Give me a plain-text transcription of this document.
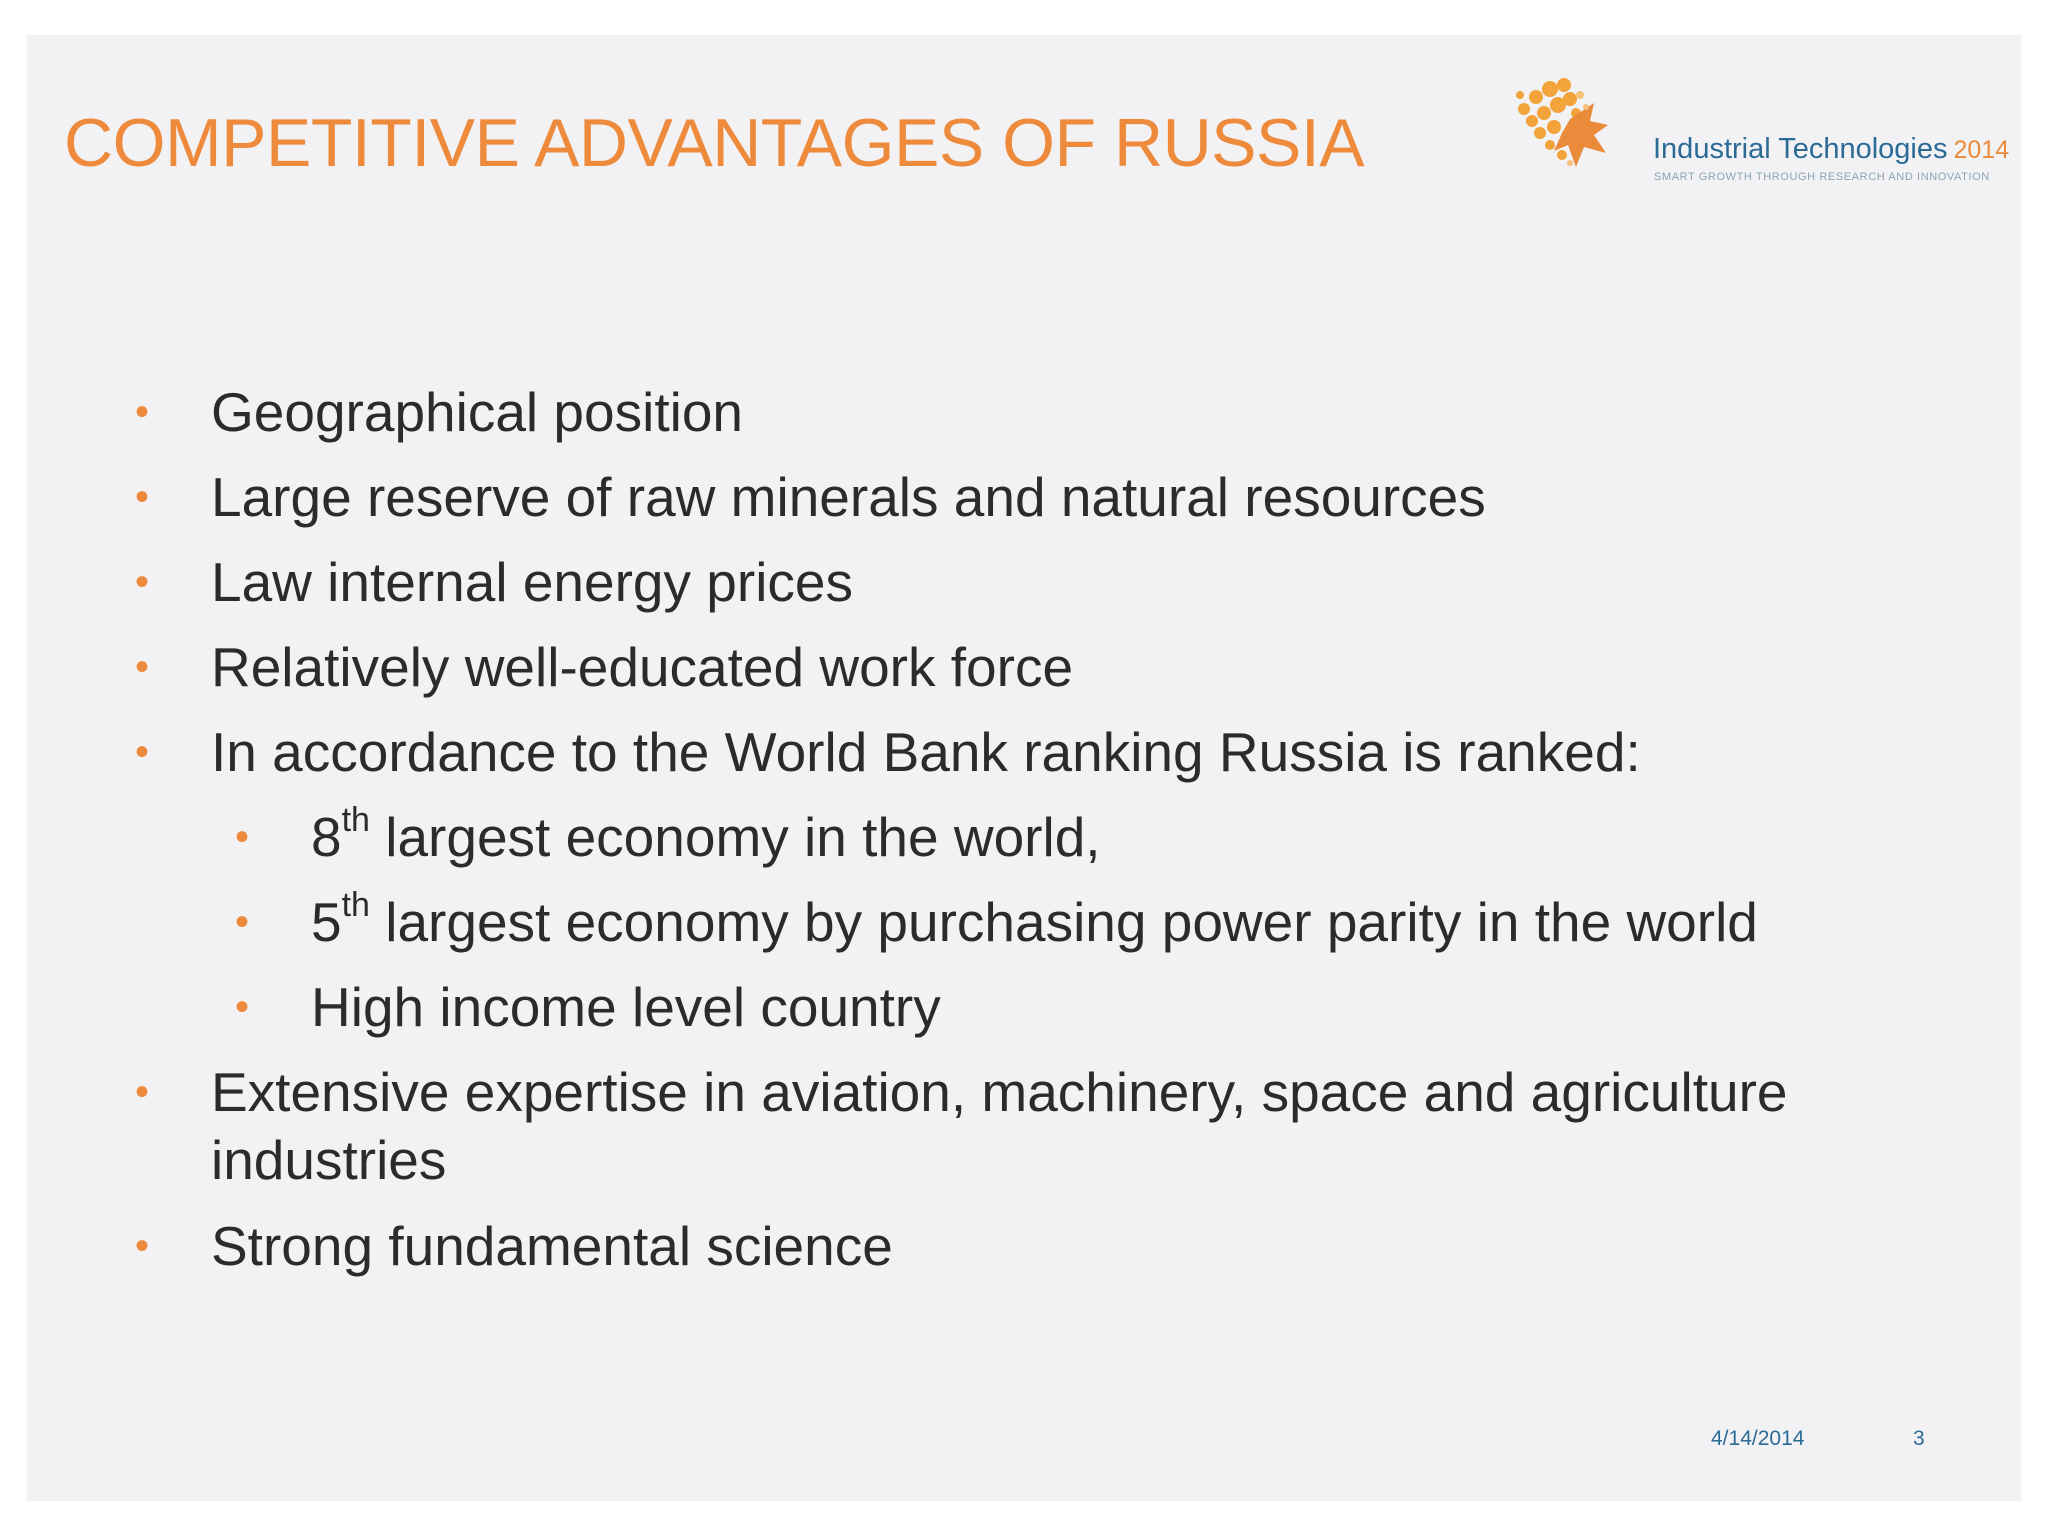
COMPETITIVE ADVANTAGES OF RUSSIA	Industrial Technologies 2014
SMART GROWTH THROUGH RESEARCH AND INNOVATION
• Geographical position
• Large reserve of raw minerals and natural resources
• Law internal energy prices
• Relatively well-educated work force
• In accordance to the World Bank ranking Russia is ranked:
• 8th largest economy in the world,
• 5th largest economy by purchasing power parity in the world
• High income level country
• Extensive expertise in aviation, machinery, space and agriculture
industries
• Strong fundamental science
4/14/2014	3
